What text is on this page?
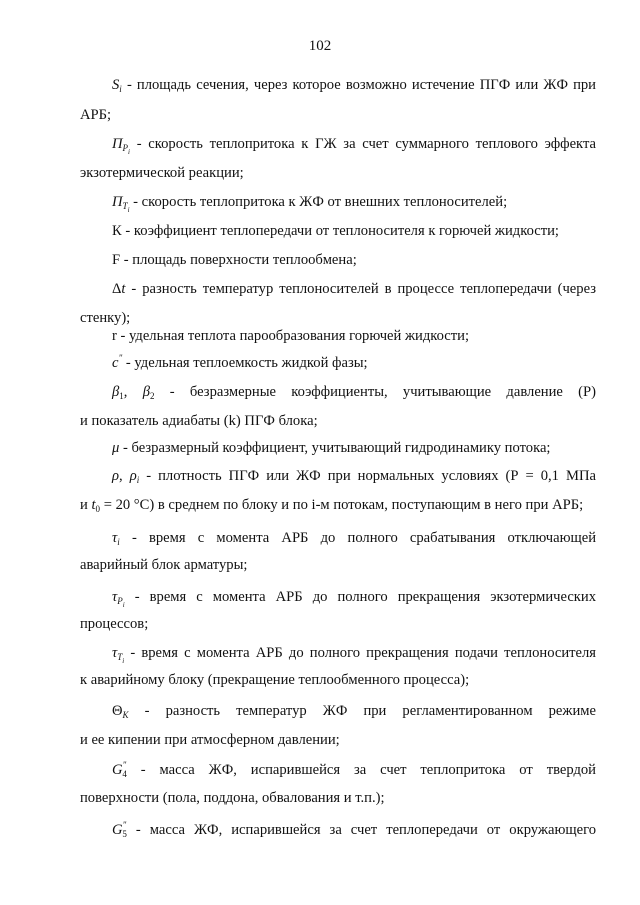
102
$S_i$ - площадь сечения, через которое возможно истечение ПГФ или ЖФ при
АРБ;
$П_{P_i}$ - скорость теплопритока к ГЖ за счет суммарного теплового эффекта
экзотермической реакции;
$П_{T_i}$ - скорость теплопритока к ЖФ от внешних теплоносителей;
К - коэффициент теплопередачи от теплоносителя к горючей жидкости;
F - площадь поверхности теплообмена;
Δt - разность температур теплоносителей в процессе теплопередачи (через
стенку);
r - удельная теплота парообразования горючей жидкости;
c" - удельная теплоемкость жидкой фазы;
$\beta_1$, $\beta_2$ - безразмерные коэффициенты, учитывающие давление (Р)
и показатель адиабаты (k) ПГФ блока;
μ - безразмерный коэффициент, учитывающий гидродинамику потока;
ρ, $\rho_i$ - плотность ПГФ или ЖФ при нормальных условиях (Р = 0,1 МПа
и $t_0 = 20$ °С) в среднем по блоку и по i-м потокам, поступающим в него при АРБ;
$\tau_i$ - время с момента АРБ до полного срабатывания отключающей
аварийный блок арматуры;
$\tau_{P_i}$ - время с момента АРБ до полного прекращения экзотермических
процессов;
$\tau_{T_i}$ - время с момента АРБ до полного прекращения подачи теплоносителя
к аварийному блоку (прекращение теплообменного процесса);
$\Theta_K$ - разность температур ЖФ при регламентированном режиме
и ее кипении при атмосферном давлении;
$G^"_4$ - масса ЖФ, испарившейся за счет теплопритока от твердой
поверхности (пола, поддона, обвалования и т.п.);
$G^"_5$ - масса ЖФ, испарившейся за счет теплопередачи от окружающего
